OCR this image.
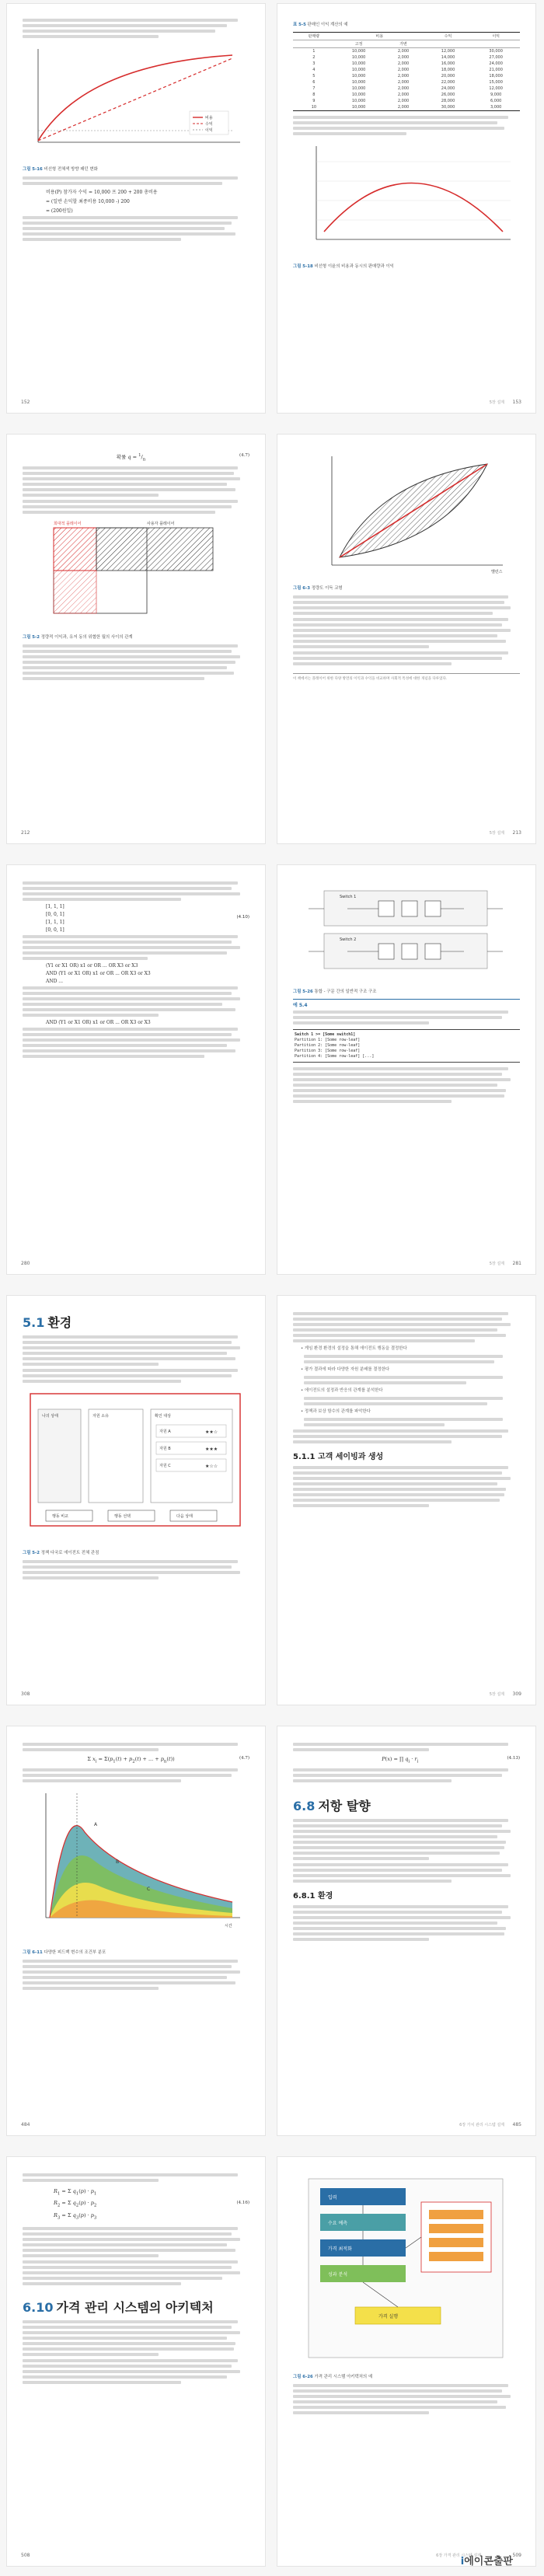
비용
수익
이익
그림 5-16 비선형 전체색 방향 패턴 변화
비용(P) 참가자 수익 = 10,000 프 200 + 200 총비용
= (일반 손익할 최종비용 10,000 -) 200
= (200원일)
152
표 5-5 판매인 이익 계산의 예
판매량	비용		수익	이익
	고정	가변		
1	10,000	2,000	12,000	30,000
2	10,000	2,000	14,000	27,000
3	10,000	2,000	16,000	24,000
4	10,000	2,000	18,000	21,000
5	10,000	2,000	20,000	18,000
6	10,000	2,000	22,000	15,000
7	10,000	2,000	24,000	12,000
8	10,000	2,000	26,000	9,000
9	10,000	2,000	28,000	6,000
10	10,000	2,000	30,000	3,000
그림 5-18 비선형 이윤의 비용과 동시의 판매량과 이익
5장 설계 153
확률 $q = ^1/_n$
(4.7)
희대적 플레이어	사용자 플레이어
그림 5-2 정량적 이익과, 유저 동의 위협한 월의 사이의 관계
212
밸런스
그림 6-3 정량도 이득 교형
이 책에서는 플레이어 위한 다양 방면의 이익과 수익을 비교하며 사회적 특성에 대한 개념을 다루었다.
5장 설계 213
[1, 1, 1]
[0, 0, 1]
[1, 1, 1]
[0, 0, 1]
(4.10)
(Y1 or X1 OR) x1 or OR ... OR X3 or X3
AND (Y1 or X1 OR) x1 or OR ... OR X3 or X3
AND ...
AND (Y1 or X1 OR) x1 or OR ... OR X3 or X3
280
Switch 1
Switch 2
그림 5-26 통합 - 구문 간의 일반적 구조 구조
에 5.4
Switch 1 >= [Some switch1]
Partition 1: [Some row-leaf]
Partition 2: [Some row-leaf]
Partition 3: [Some row-leaf]
Partition 4: [Some row-leaf] [...]
5장 설계 281
5.1 환경
나의 상태	자원 소유	확인 대상
자원 A	★★☆
자원 B	★★★
자원 C	★☆☆
행동 비교	행동 선택	다음 상태
그림 5-2 정책 다국로 에이전트 전체 관점
308
• 게임 환경 환경의 설정을 통해 에이전트 행동을 결정한다
• 평가 결과에 따라 다양한 자원 분배를 결정한다
• 에이전트의 설정과 반응의 관계를 분석한다
• 정책과 보상 함수의 관계를 파악한다
5.1.1 고객 세이빙과 생성
5장 설계 309
Σ $x_i = \Sigma(p_1(t) + p_2(t)$ + ... + $p_n(t)$)	(4.7)
A
B
C
시간
그림 6-11 다양한 피드백 변수의 조건부 분포
484
P(x) = ∏ $q_i \cdot r_i$
(4.13)
6.8 저항 탈향
6.8.1 환경
6장 가치 관리 시스템 설계 485
$R_1 = \Sigma$ $q_1(p) \cdot p_1$
$R_2 = \Sigma$ $q_2(p) \cdot p_2$
(4.16)

$R_3 = \Sigma$ $q_3(p) \cdot p_3$
6.10 가격 관리 시스템의 아키텍처
508
입력
수요 예측
가격 최적화
성과 분석
가격 실행
그림 6-26 가격 관리 시스템 아키텍처의 예
6장 가격 관리 시스템 설계	509
i에이콘출판
